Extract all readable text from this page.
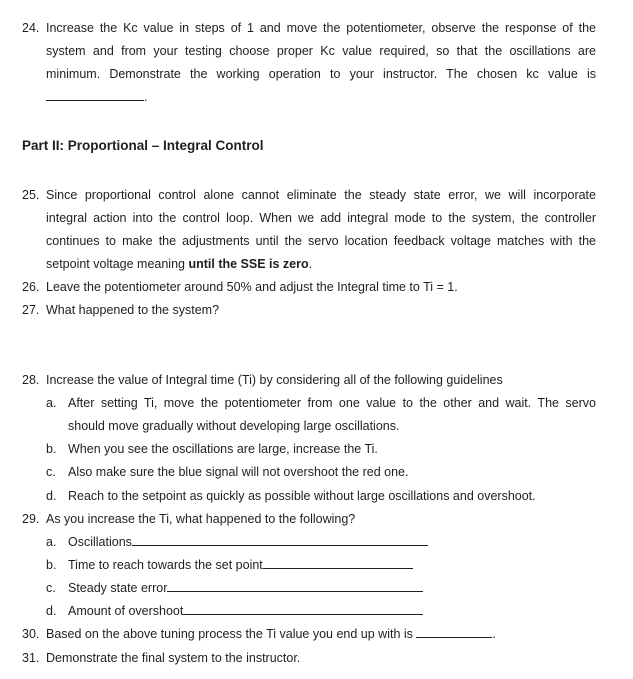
24. Increase the Kc value in steps of 1 and move the potentiometer, observe the response of the
system and from your testing choose proper Kc value required, so that the oscillations are
minimum. Demonstrate the working operation to your instructor. The chosen kc value is
.
Part II: Proportional – Integral Control
25. Since proportional control alone cannot eliminate the steady state error, we will incorporate
integral action into the control loop. When we add integral mode to the system, the controller
continues to make the adjustments until the servo location feedback voltage matches with the
setpoint voltage meaning until the SSE is zero.
26. Leave the potentiometer around 50% and adjust the Integral time to Ti = 1.
27. What happened to the system?
28. Increase the value of Integral time (Ti) by considering all of the following guidelines
a. After setting Ti, move the potentiometer from one value to the other and wait. The servo
should move gradually without developing large oscillations.
b. When you see the oscillations are large, increase the Ti.
c. Also make sure the blue signal will not overshoot the red one.
d. Reach to the setpoint as quickly as possible without large oscillations and overshoot.
29. As you increase the Ti, what happened to the following?
a. Oscillations
b. Time to reach towards the set point
c. Steady state error
d. Amount of overshoot
30. Based on the above tuning process the Ti value you end up with is	.
31. Demonstrate the final system to the instructor.
